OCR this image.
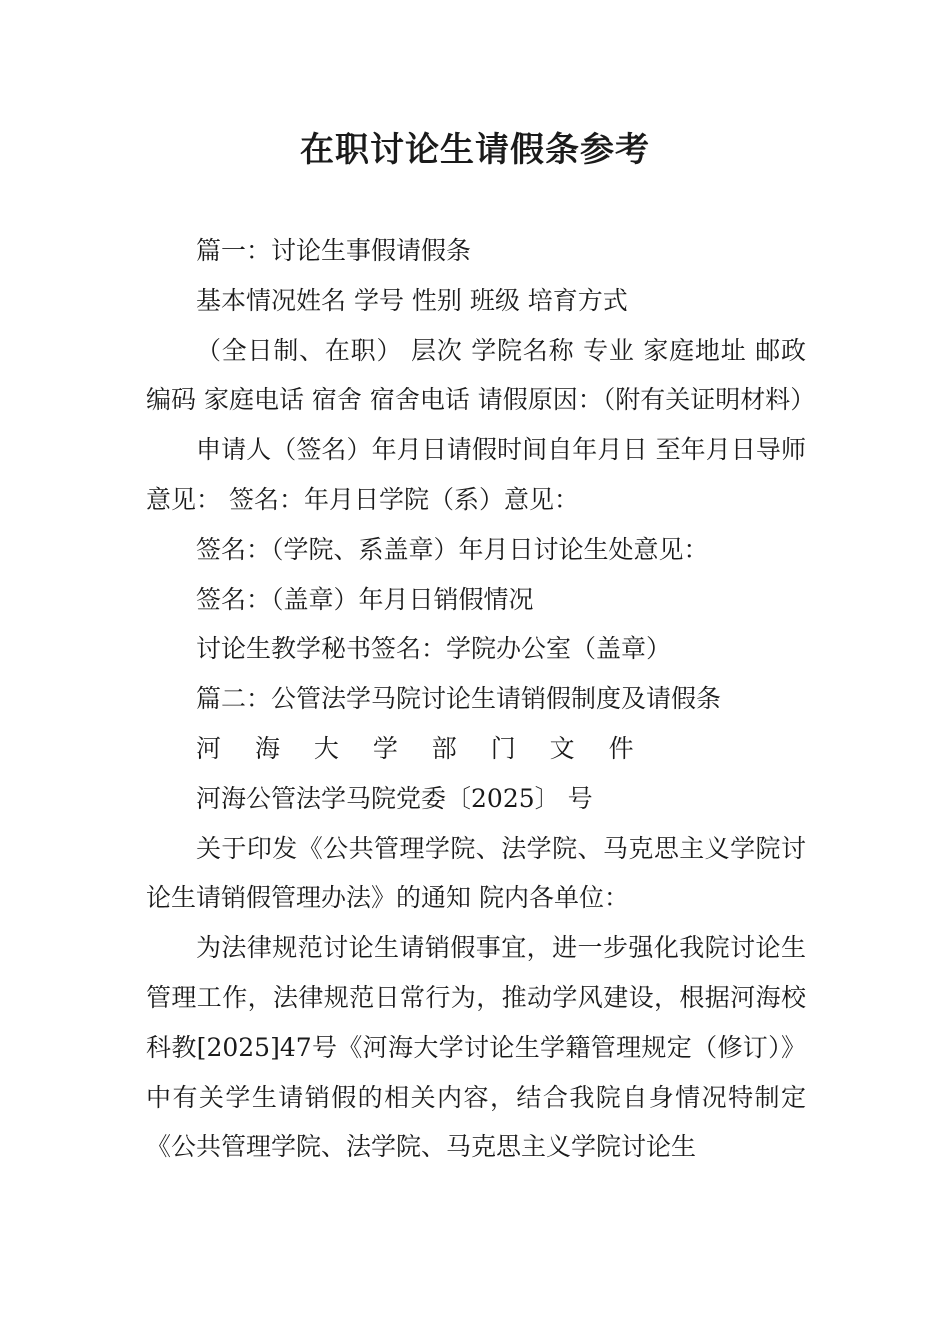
在职讨论生请假条参考

篇一：讨论生事假请假条

基本情况姓名 学号 性别 班级 培育方式

（全日制、在职） 层次 学院名称 专业 家庭地址 邮政编码 家庭电话 宿舍 宿舍电话 请假原因：（附有关证明材料）

申请人（签名）年月日请假时间自年月日 至年月日导师意见： 签名：年月日学院（系）意见：

签名：（学院、系盖章）年月日讨论生处意见：

签名：（盖章）年月日销假情况

讨论生教学秘书签名：学院办公室（盖章）

篇二：公管法学马院讨论生请销假制度及请假条

河 海 大 学 部 门 文 件

河海公管法学马院党委〔2025〕 号

关于印发《公共管理学院、法学院、马克思主义学院讨论生请销假管理办法》的通知 院内各单位：

为法律规范讨论生请销假事宜，进一步强化我院讨论生管理工作，法律规范日常行为，推动学风建设，根据河海校科教[2025]47号《河海大学讨论生学籍管理规定（修订）》中有关学生请销假的相关内容，结合我院自身情况特制定《公共管理学院、法学院、马克思主义学院讨论生
